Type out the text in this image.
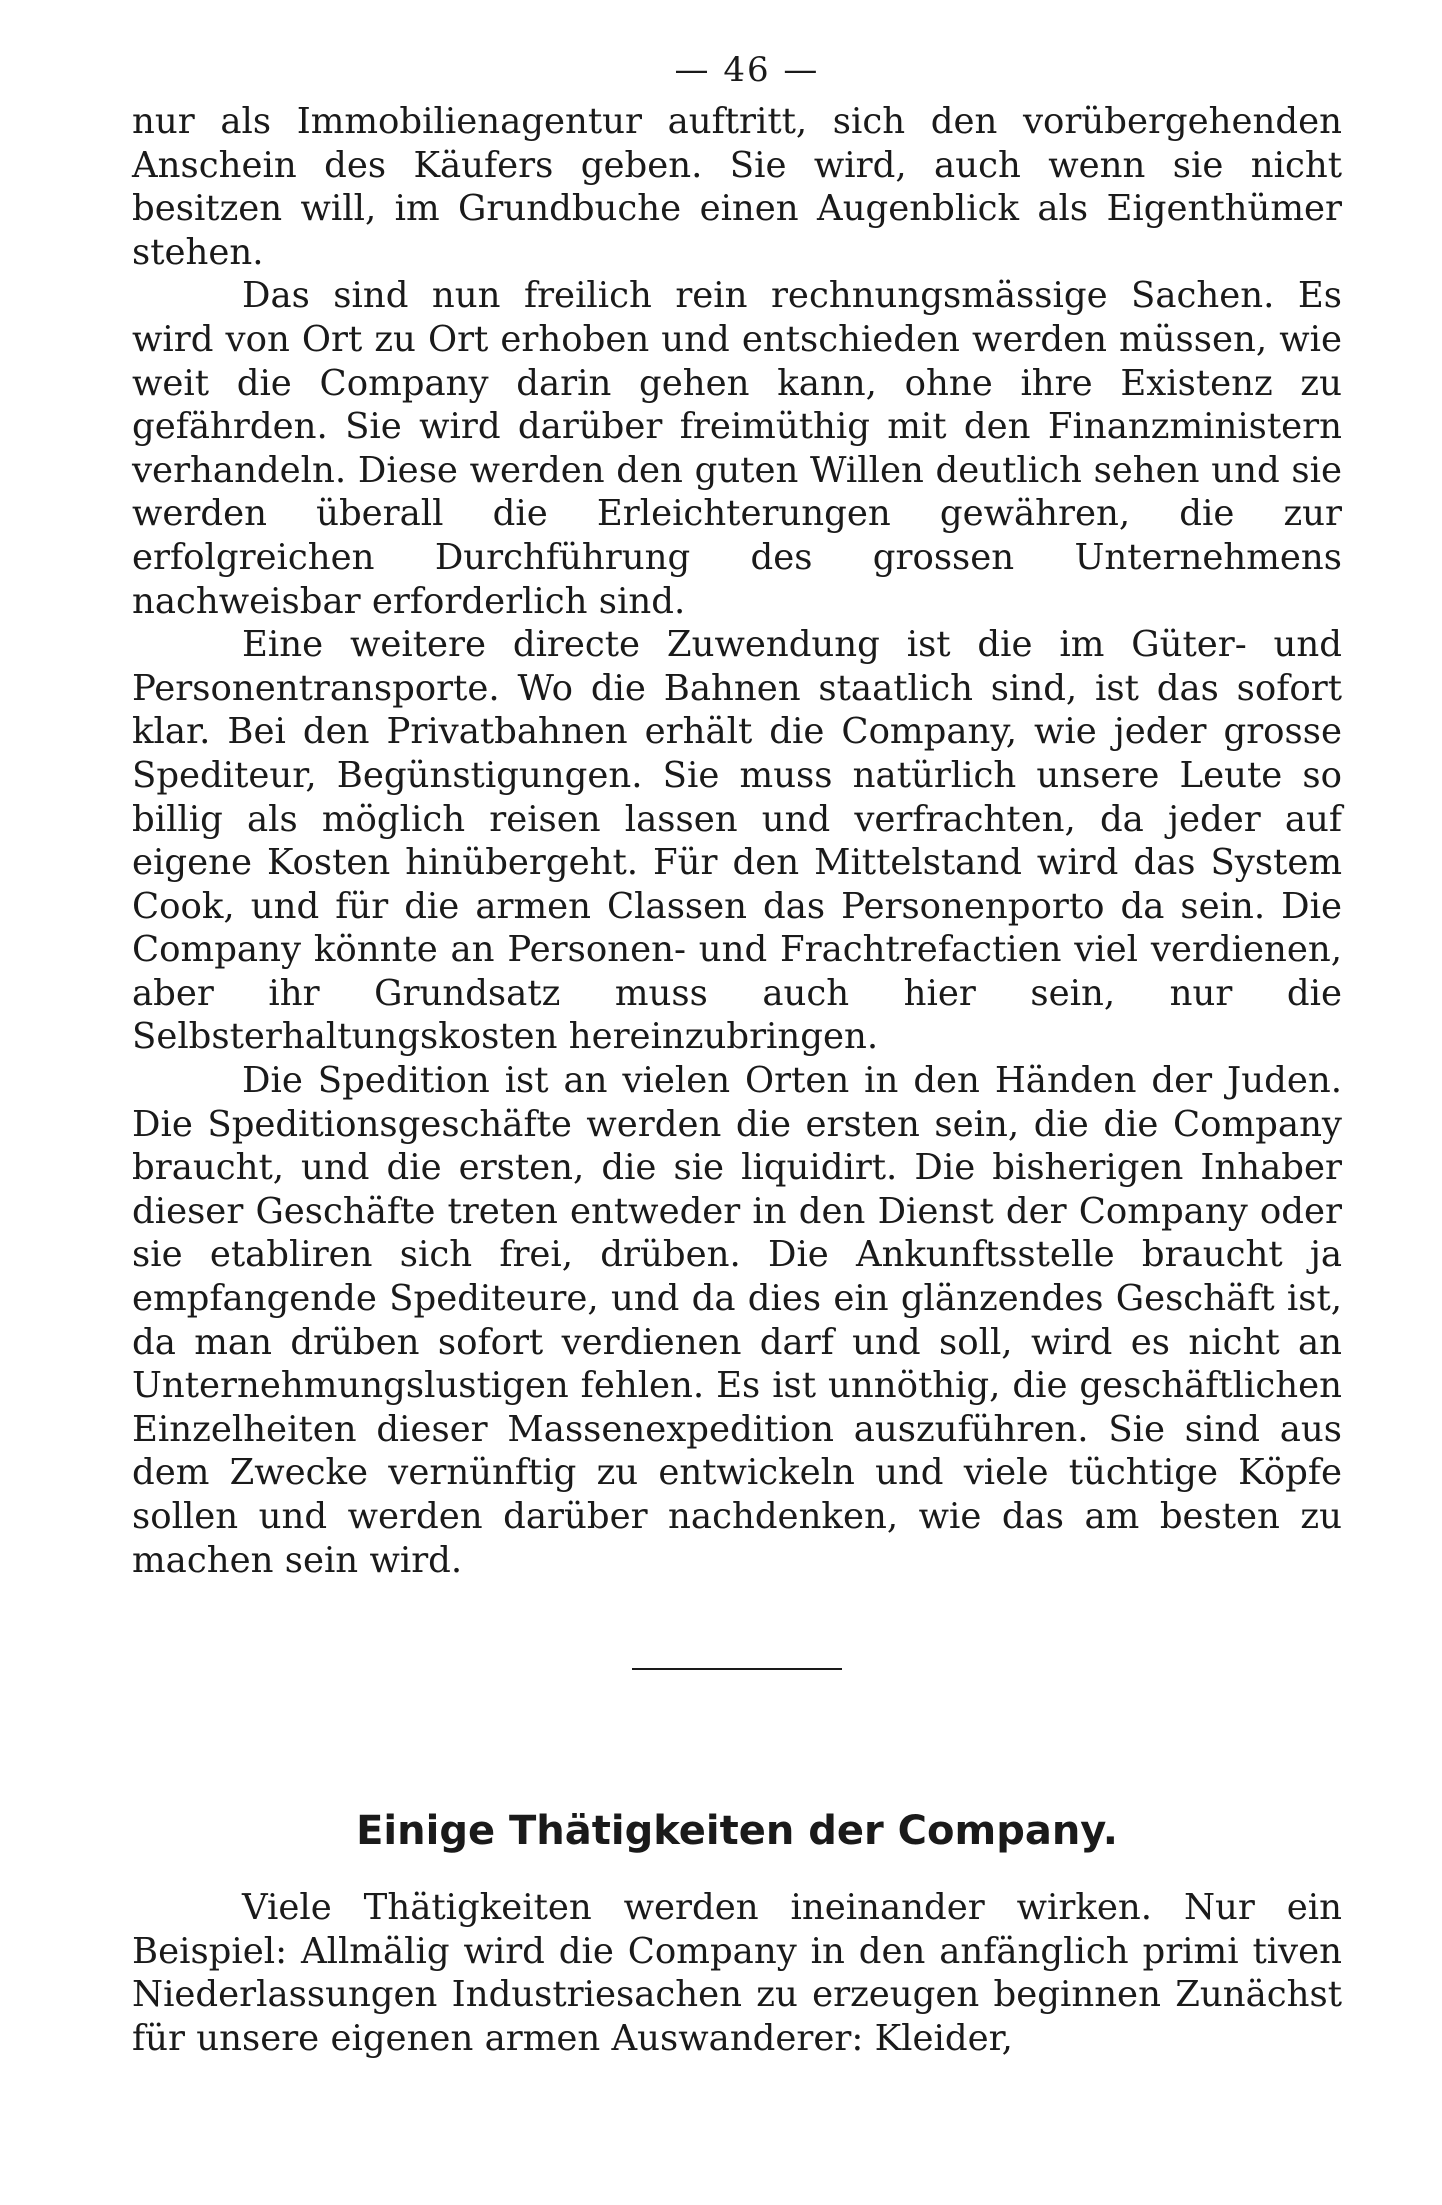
— 46 —

nur als Immobilienagentur auftritt, sich den vorübergehenden Anschein des Käufers geben. Sie wird, auch wenn sie nicht besitzen will, im Grundbuche einen Augenblick als Eigenthümer stehen.

Das sind nun freilich rein rechnungsmässige Sachen. Es wird von Ort zu Ort erhoben und entschieden werden müssen, wie weit die Company darin gehen kann, ohne ihre Existenz zu gefährden. Sie wird darüber freimüthig mit den Finanzministern verhandeln. Diese werden den guten Willen deutlich sehen und sie werden überall die Erleichterungen gewähren, die zur erfolgreichen Durchführung des grossen Unternehmens nachweisbar erforderlich sind.

Eine weitere directe Zuwendung ist die im Güter- und Personentransporte. Wo die Bahnen staatlich sind, ist das sofort klar. Bei den Privatbahnen erhält die Company, wie jeder grosse Spediteur, Begünstigungen. Sie muss natürlich unsere Leute so billig als möglich reisen lassen und verfrachten, da jeder auf eigene Kosten hinübergeht. Für den Mittelstand wird das System Cook, und für die armen Classen das Personenporto da sein. Die Company könnte an Personen- und Frachtrefactien viel verdienen, aber ihr Grundsatz muss auch hier sein, nur die Selbsterhaltungskosten hereinzubringen.

Die Spedition ist an vielen Orten in den Händen der Juden. Die Speditionsgeschäfte werden die ersten sein, die die Company braucht, und die ersten, die sie liquidirt. Die bisherigen Inhaber dieser Geschäfte treten entweder in den Dienst der Company oder sie etabliren sich frei, drüben. Die Ankunftsstelle braucht ja empfangende Spediteure, und da dies ein glänzendes Geschäft ist, da man drüben sofort verdienen darf und soll, wird es nicht an Unternehmungslustigen fehlen. Es ist unnöthig, die geschäftlichen Einzelheiten dieser Massenexpedition auszuführen. Sie sind aus dem Zwecke vernünftig zu entwickeln und viele tüchtige Köpfe sollen und werden darüber nachdenken, wie das am besten zu machen sein wird.

Einige Thätigkeiten der Company.

Viele Thätigkeiten werden ineinander wirken. Nur ein Beispiel: Allmälig wird die Company in den anfänglich primi tiven Niederlassungen Industriesachen zu erzeugen beginnen Zunächst für unsere eigenen armen Auswanderer: Kleider,
